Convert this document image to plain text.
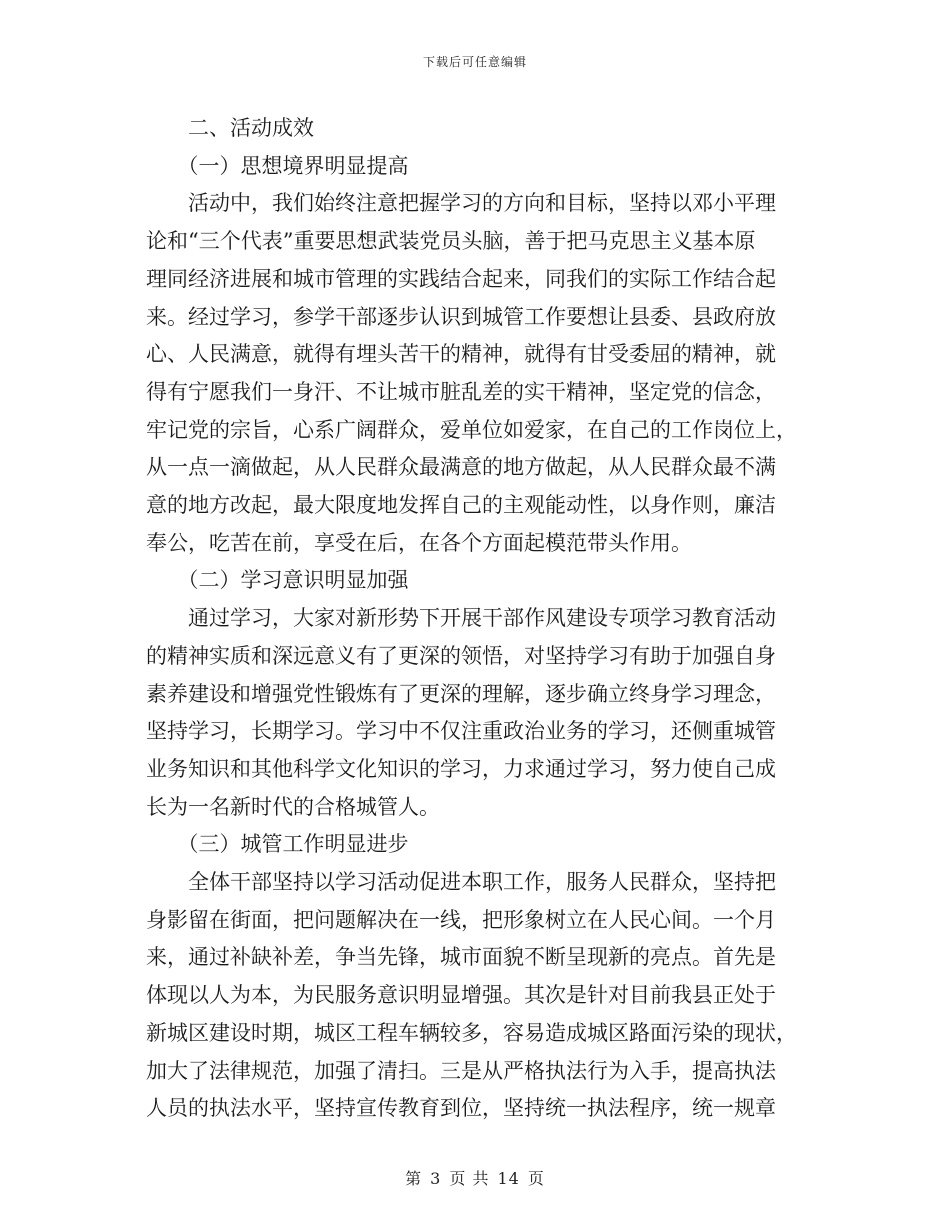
下载后可任意编辑

　　二、活动成效

　　（一）思想境界明显提高

　　活动中，我们始终注意把握学习的方向和目标，坚持以邓小平理

论和“三个代表”重要思想武装党员头脑，善于把马克思主义基本原

理同经济进展和城市管理的实践结合起来，同我们的实际工作结合起

来。经过学习，参学干部逐步认识到城管工作要想让县委、县政府放

心、人民满意，就得有埋头苦干的精神，就得有甘受委屈的精神，就

得有宁愿我们一身汗、不让城市脏乱差的实干精神，坚定党的信念，

牢记党的宗旨，心系广阔群众，爱单位如爱家，在自己的工作岗位上，

从一点一滴做起，从人民群众最满意的地方做起，从人民群众最不满

意的地方改起，最大限度地发挥自己的主观能动性，以身作则，廉洁

奉公，吃苦在前，享受在后，在各个方面起模范带头作用。

　　（二）学习意识明显加强

　　通过学习，大家对新形势下开展干部作风建设专项学习教育活动

的精神实质和深远意义有了更深的领悟，对坚持学习有助于加强自身

素养建设和增强党性锻炼有了更深的理解，逐步确立终身学习理念，

坚持学习，长期学习。学习中不仅注重政治业务的学习，还侧重城管

业务知识和其他科学文化知识的学习，力求通过学习，努力使自己成

长为一名新时代的合格城管人。

　　（三）城管工作明显进步

　　全体干部坚持以学习活动促进本职工作，服务人民群众，坚持把

身影留在街面，把问题解决在一线，把形象树立在人民心间。一个月

来，通过补缺补差，争当先锋，城市面貌不断呈现新的亮点。首先是

体现以人为本，为民服务意识明显增强。其次是针对目前我县正处于

新城区建设时期，城区工程车辆较多，容易造成城区路面污染的现状，

加大了法律规范，加强了清扫。三是从严格执法行为入手，提高执法

人员的执法水平，坚持宣传教育到位，坚持统一执法程序，统一规章

第 3 页 共 14 页
